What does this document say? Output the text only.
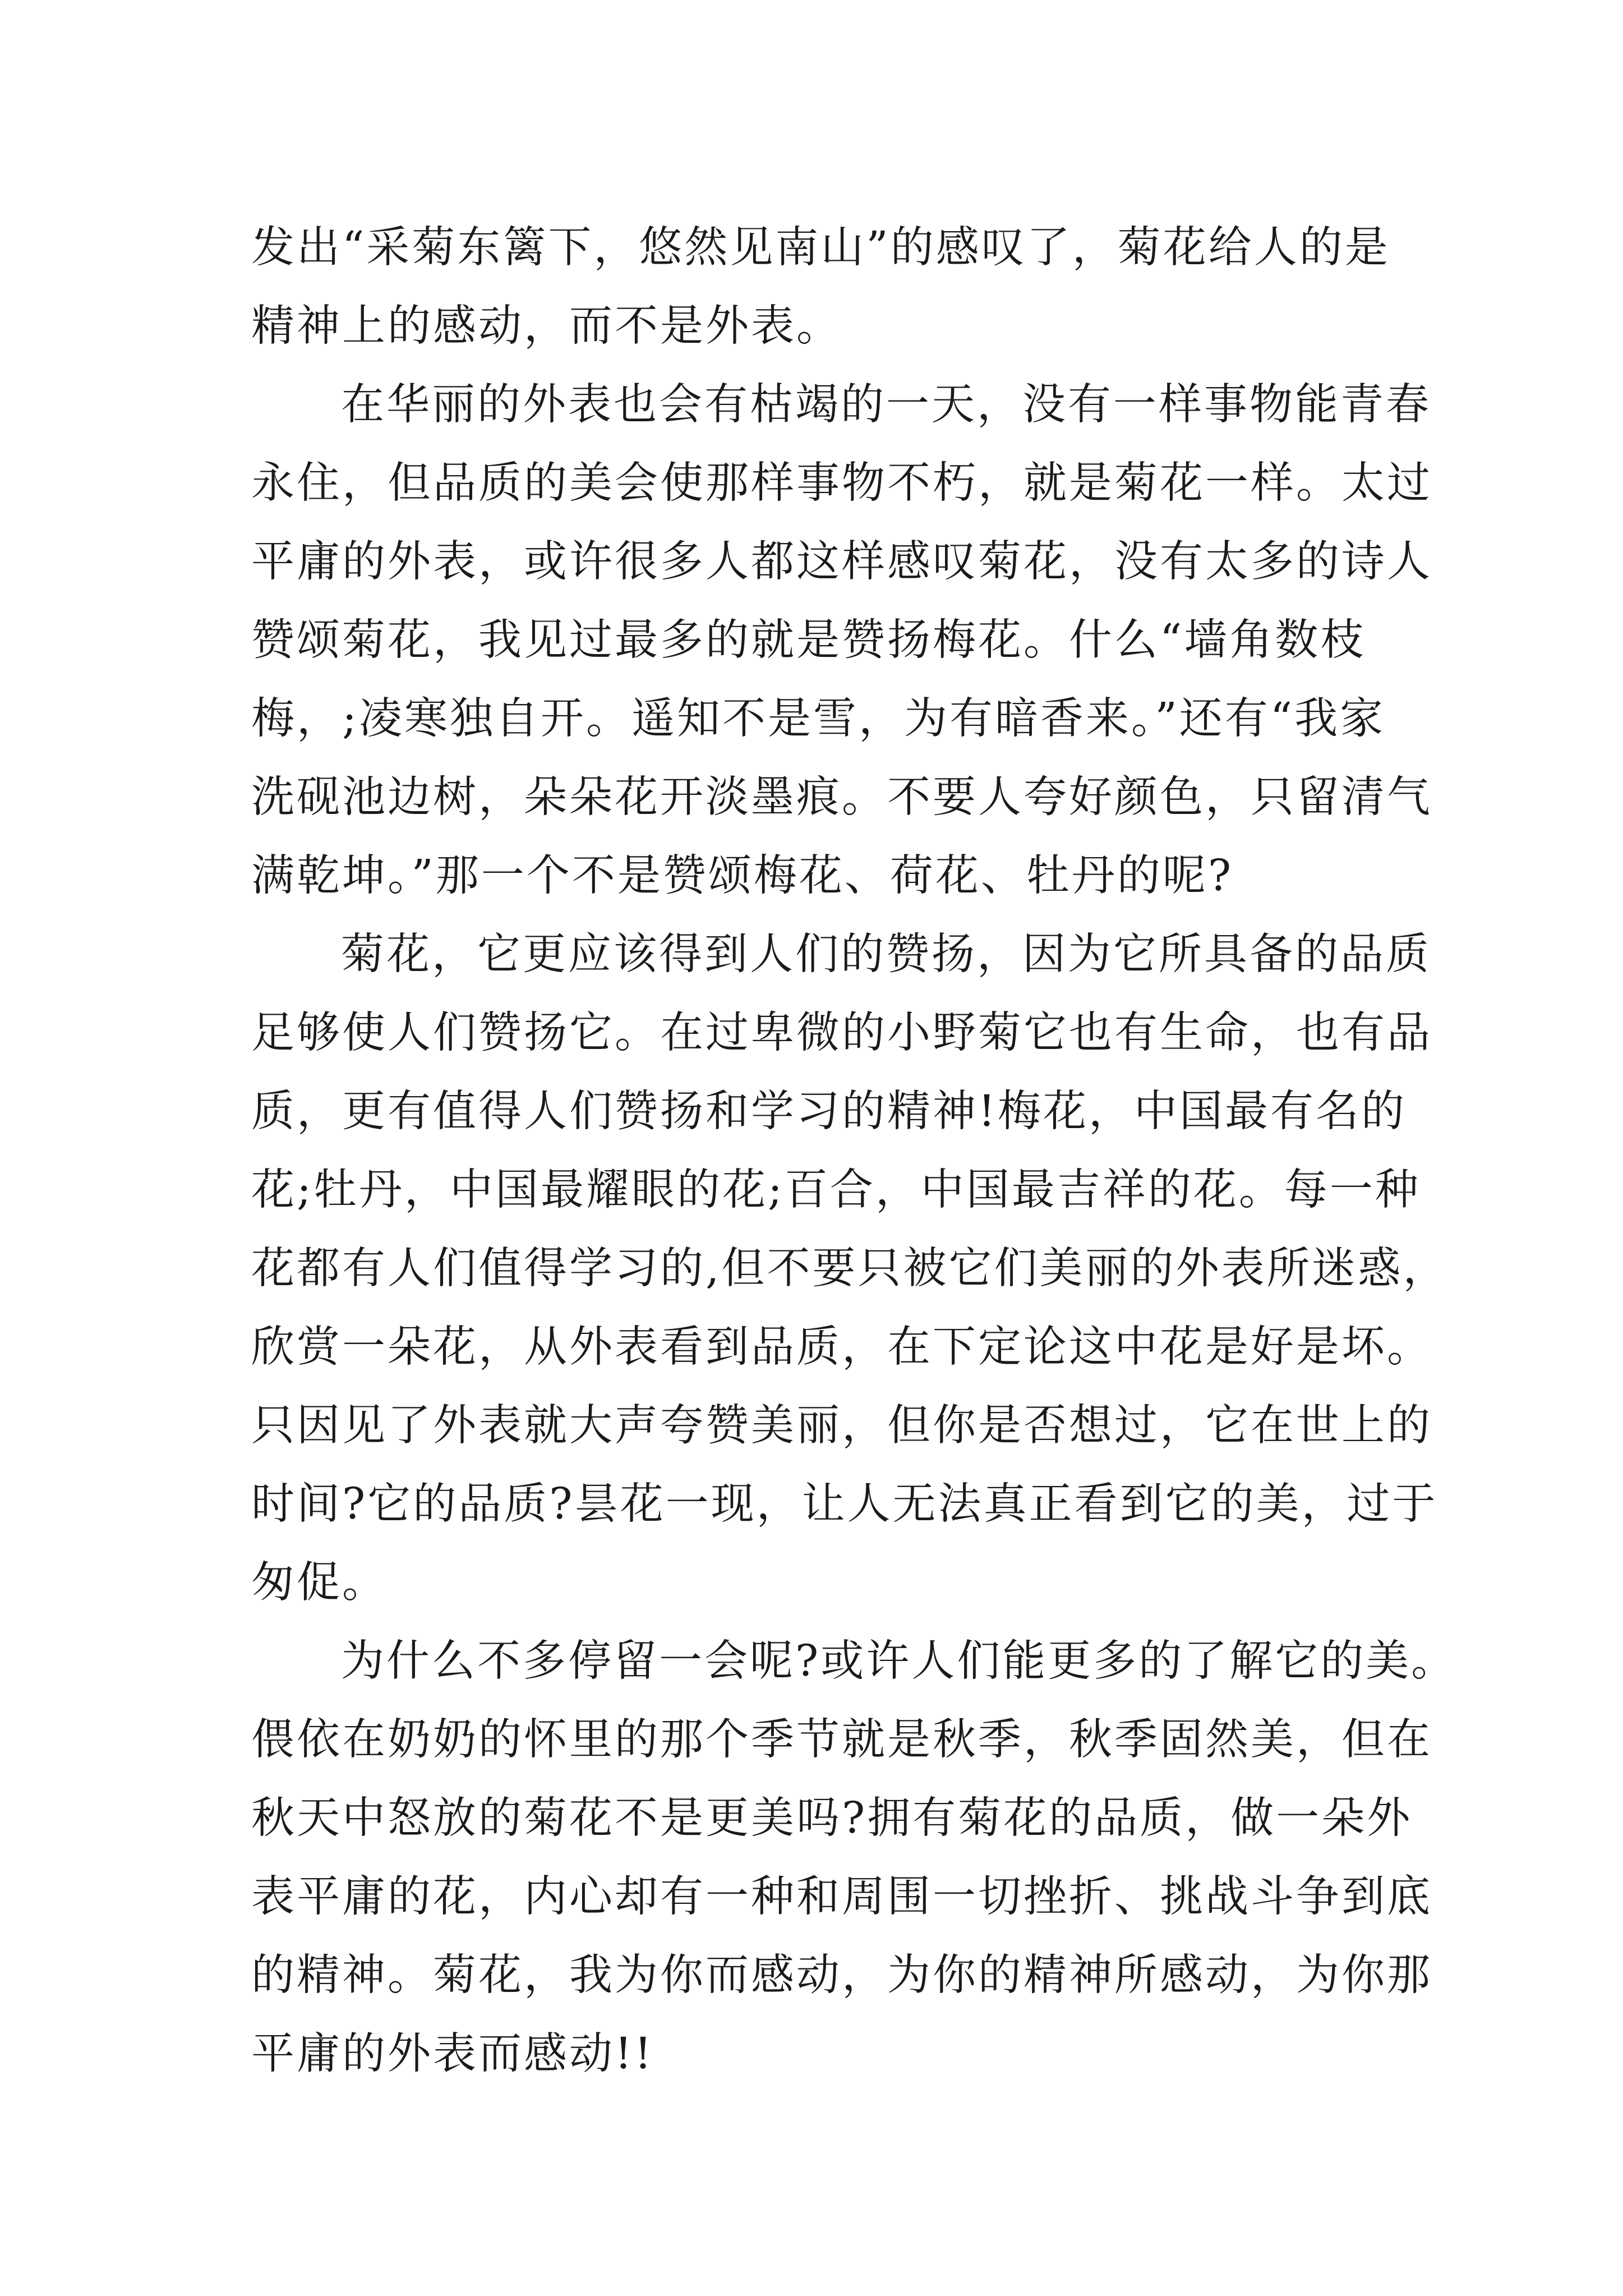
发出“采菊东篱下，悠然见南山”的感叹了，菊花给人的是
精神上的感动，而不是外表。
在华丽的外表也会有枯竭的一天，没有一样事物能青春
永住，但品质的美会使那样事物不朽，就是菊花一样。太过
平庸的外表，或许很多人都这样感叹菊花，没有太多的诗人
赞颂菊花，我见过最多的就是赞扬梅花。什么“墙角数枝
梅，;凌寒独自开。遥知不是雪，为有暗香来。”还有“我家
洗砚池边树，朵朵花开淡墨痕。不要人夸好颜色，只留清气
满乾坤。”那一个不是赞颂梅花、荷花、牡丹的呢?
菊花，它更应该得到人们的赞扬，因为它所具备的品质
足够使人们赞扬它。在过卑微的小野菊它也有生命，也有品
质，更有值得人们赞扬和学习的精神!梅花，中国最有名的
花;牡丹，中国最耀眼的花;百合，中国最吉祥的花。每一种
花都有人们值得学习的,但不要只被它们美丽的外表所迷惑，
欣赏一朵花，从外表看到品质，在下定论这中花是好是坏。
只因见了外表就大声夸赞美丽，但你是否想过，它在世上的
时间?它的品质?昙花一现，让人无法真正看到它的美，过于
匆促。
为什么不多停留一会呢?或许人们能更多的了解它的美。
偎依在奶奶的怀里的那个季节就是秋季，秋季固然美，但在
秋天中怒放的菊花不是更美吗?拥有菊花的品质，做一朵外
表平庸的花，内心却有一种和周围一切挫折、挑战斗争到底
的精神。菊花，我为你而感动，为你的精神所感动，为你那
平庸的外表而感动!!
